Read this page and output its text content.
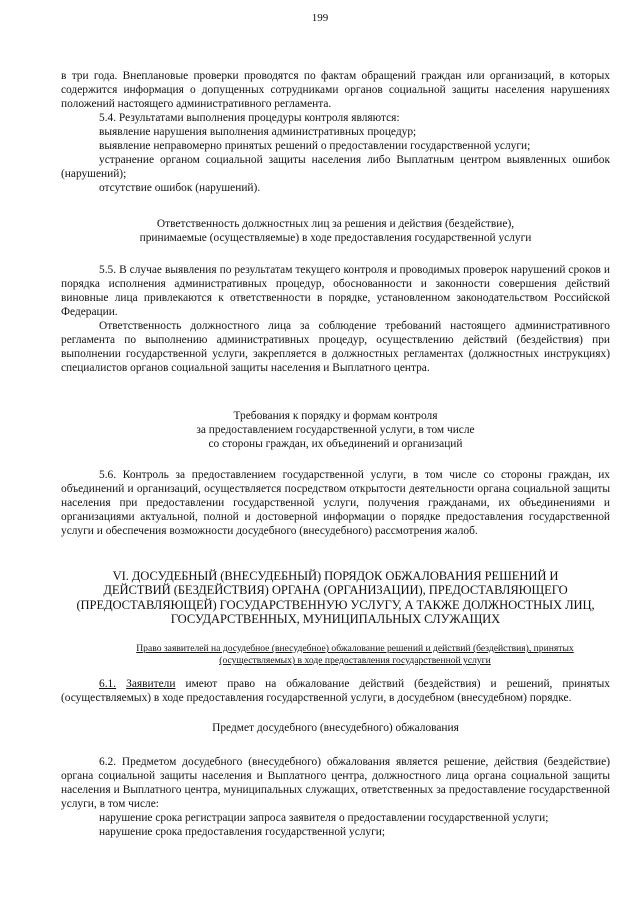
199

в три года. Внеплановые проверки проводятся по фактам обращений граждан или организаций, в которых содержится информация о допущенных сотрудниками органов социальной защиты населения нарушениях положений настоящего административного регламента.

5.4. Результатами выполнения процедуры контроля являются:

выявление нарушения выполнения административных процедур;

выявление неправомерно принятых решений о предоставлении государственной услуги;

устранение органом социальной защиты населения либо Выплатным центром выявленных ошибок (нарушений);

отсутствие ошибок (нарушений).

Ответственность должностных лиц за решения и действия (бездействие),
принимаемые (осуществляемые) в ходе предоставления государственной услуги

5.5. В случае выявления по результатам текущего контроля и проводимых проверок нарушений сроков и порядка исполнения административных процедур, обоснованности и законности совершения действий виновные лица привлекаются к ответственности в порядке, установленном законодательством Российской Федерации.

Ответственность должностного лица за соблюдение требований настоящего административного регламента по выполнению административных процедур, осуществлению действий (бездействия) при выполнении государственной услуги, закрепляется в должностных регламентах (должностных инструкциях) специалистов органов социальной защиты населения и Выплатного центра.

Требования к порядку и формам контроля
за предоставлением государственной услуги, в том числе
со стороны граждан, их объединений и организаций

5.6. Контроль за предоставлением государственной услуги, в том числе со стороны граждан, их объединений и организаций, осуществляется посредством открытости деятельности органа социальной защиты населения при предоставлении государственной услуги, получения гражданами, их объединениями и организациями актуальной, полной и достоверной информации о порядке предоставления государственной услуги и обеспечения возможности досудебного (внесудебного) рассмотрения жалоб.

VI. ДОСУДЕБНЫЙ (ВНЕСУДЕБНЫЙ) ПОРЯДОК ОБЖАЛОВАНИЯ РЕШЕНИЙ И
ДЕЙСТВИЙ (БЕЗДЕЙСТВИЯ) ОРГАНА (ОРГАНИЗАЦИИ), ПРЕДОСТАВЛЯЮЩЕГО
(ПРЕДОСТАВЛЯЮЩЕЙ) ГОСУДАРСТВЕННУЮ УСЛУГУ, А ТАКЖЕ ДОЛЖНОСТНЫХ ЛИЦ,
ГОСУДАРСТВЕННЫХ, МУНИЦИПАЛЬНЫХ СЛУЖАЩИХ
Право заявителей на досудебное (внесудебное) обжалование решений и действий (бездействия), принятых
(осуществляемых) в ходе предоставления государственной услуги

6.1. Заявители имеют право на обжалование действий (бездействия) и решений, принятых (осуществляемых) в ходе предоставления государственной услуги, в досудебном (внесудебном) порядке.

Предмет досудебного (внесудебного) обжалования

6.2. Предметом досудебного (внесудебного) обжалования является решение, действия (бездействие) органа социальной защиты населения и Выплатного центра, должностного лица органа социальной защиты населения и Выплатного центра, муниципальных служащих, ответственных за предоставление государственной услуги, в том числе:

нарушение срока регистрации запроса заявителя о предоставлении государственной услуги;

нарушение срока предоставления государственной услуги;
